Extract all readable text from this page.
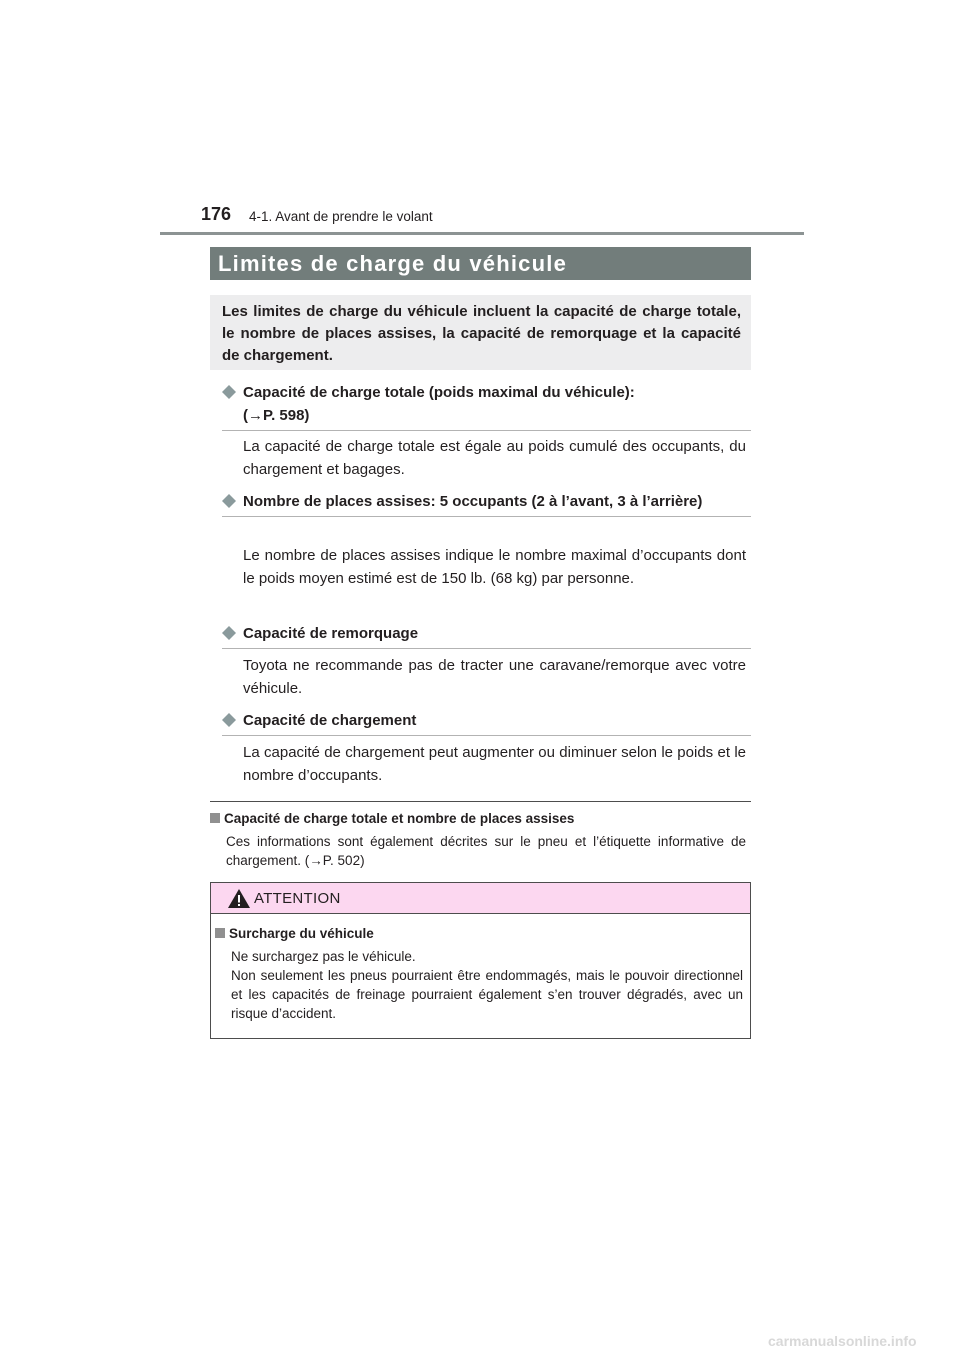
176 4-1. Avant de prendre le volant
Limites de charge du véhicule
Les limites de charge du véhicule incluent la capacité de charge totale, le nombre de places assises, la capacité de remorquage et la capacité de chargement.
Capacité de charge totale (poids maximal du véhicule):
(→P. 598)
La capacité de charge totale est égale au poids cumulé des occupants, du chargement et bagages.
Nombre de places assises: 5 occupants (2 à l’avant, 3 à l’arrière)
Le nombre de places assises indique le nombre maximal d’occupants dont le poids moyen estimé est de 150 lb. (68 kg) par personne.
Capacité de remorquage
Toyota ne recommande pas de tracter une caravane/remorque avec votre véhicule.
Capacité de chargement
La capacité de chargement peut augmenter ou diminuer selon le poids et le nombre d’occupants.
Capacité de charge totale et nombre de places assises
Ces informations sont également décrites sur le pneu et l’étiquette informative de chargement. (→P. 502)
ATTENTION
Surcharge du véhicule

Ne surchargez pas le véhicule.

Non seulement les pneus pourraient être endommagés, mais le pouvoir directionnel et les capacités de freinage pourraient également s’en trouver dégradés, avec un risque d’accident.

carmanualsonline.info
